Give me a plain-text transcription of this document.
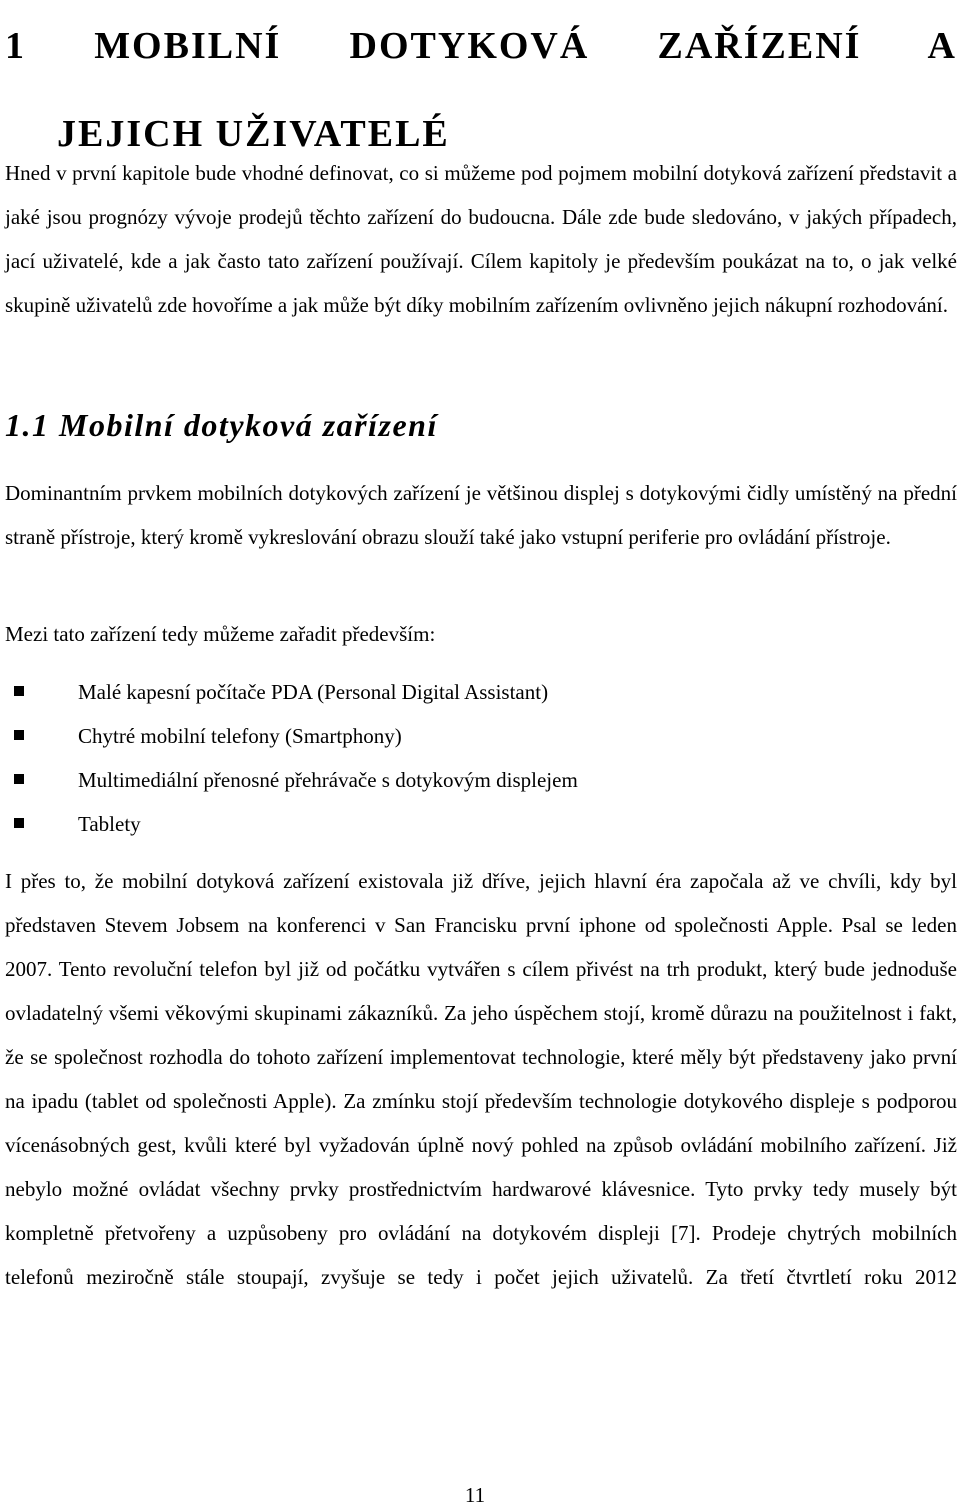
1 MOBILNÍ DOTYKOVÁ ZAŘÍZENÍ A
JEJICH UŽIVATELÉ

Hned v první kapitole bude vhodné definovat, co si můžeme pod pojmem mobilní dotyková zařízení představit a jaké jsou prognózy vývoje prodejů těchto zařízení do budoucna. Dále zde bude sledováno, v jakých případech, jací uživatelé, kde a jak často tato zařízení používají. Cílem kapitoly je především poukázat na to, o jak velké skupině uživatelů zde hovoříme a jak může být díky mobilním zařízením ovlivněno jejich nákupní rozhodování.

1.1 Mobilní dotyková zařízení

Dominantním prvkem mobilních dotykových zařízení je většinou displej s dotykovými čidly umístěný na přední straně přístroje, který kromě vykreslování obrazu slouží také jako vstupní periferie pro ovládání přístroje.

Mezi tato zařízení tedy můžeme zařadit především:

Malé kapesní počítače PDA (Personal Digital Assistant)
Chytré mobilní telefony (Smartphony)
Multimediální přenosné přehrávače s dotykovým displejem
Tablety

I přes to, že mobilní dotyková zařízení existovala již dříve, jejich hlavní éra započala až ve chvíli, kdy byl představen Stevem Jobsem na konferenci v San Francisku první iphone od společnosti Apple. Psal se leden 2007. Tento revoluční telefon byl již od počátku vytvářen s cílem přivést na trh produkt, který bude jednoduše ovladatelný všemi věkovými skupinami zákazníků. Za jeho úspěchem stojí, kromě důrazu na použitelnost i fakt, že se společnost rozhodla do tohoto zařízení implementovat technologie, které měly být představeny jako první na ipadu (tablet od společnosti Apple). Za zmínku stojí především technologie dotykového displeje s podporou vícenásobných gest, kvůli které byl vyžadován úplně nový pohled na způsob ovládání mobilního zařízení. Již nebylo možné ovládat všechny prvky prostřednictvím hardwarové klávesnice. Tyto prvky tedy musely být kompletně přetvořeny a uzpůsobeny pro ovládání na dotykovém displeji [7]. Prodeje chytrých mobilních telefonů meziročně stále stoupají, zvyšuje se tedy i počet jejich uživatelů. Za třetí čtvrtletí roku 2012

11
